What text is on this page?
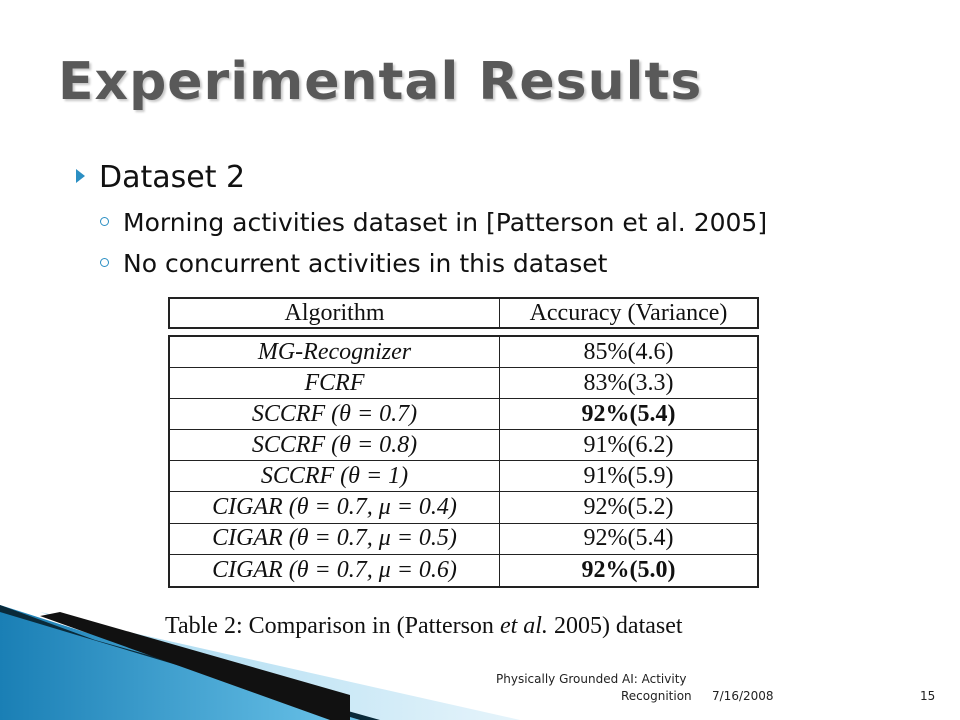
Experimental Results
Dataset 2
Morning activities dataset in [Patterson et al. 2005]
No concurrent activities in this dataset
Algorithm	Accuracy (Variance)
MG-Recognizer	85%(4.6)
FCRF	83%(3.3)
SCCRF (θ = 0.7)	92%(5.4)
SCCRF (θ = 0.8)	91%(6.2)
SCCRF (θ = 1)	91%(5.9)
CIGAR (θ = 0.7, μ = 0.4)	92%(5.2)
CIGAR (θ = 0.7, μ = 0.5)	92%(5.4)
CIGAR (θ = 0.7, μ = 0.6)	92%(5.0)
Table 2: Comparison in (Patterson et al. 2005) dataset
Physically Grounded AI: Activity
Recognition 7/16/2008	15
